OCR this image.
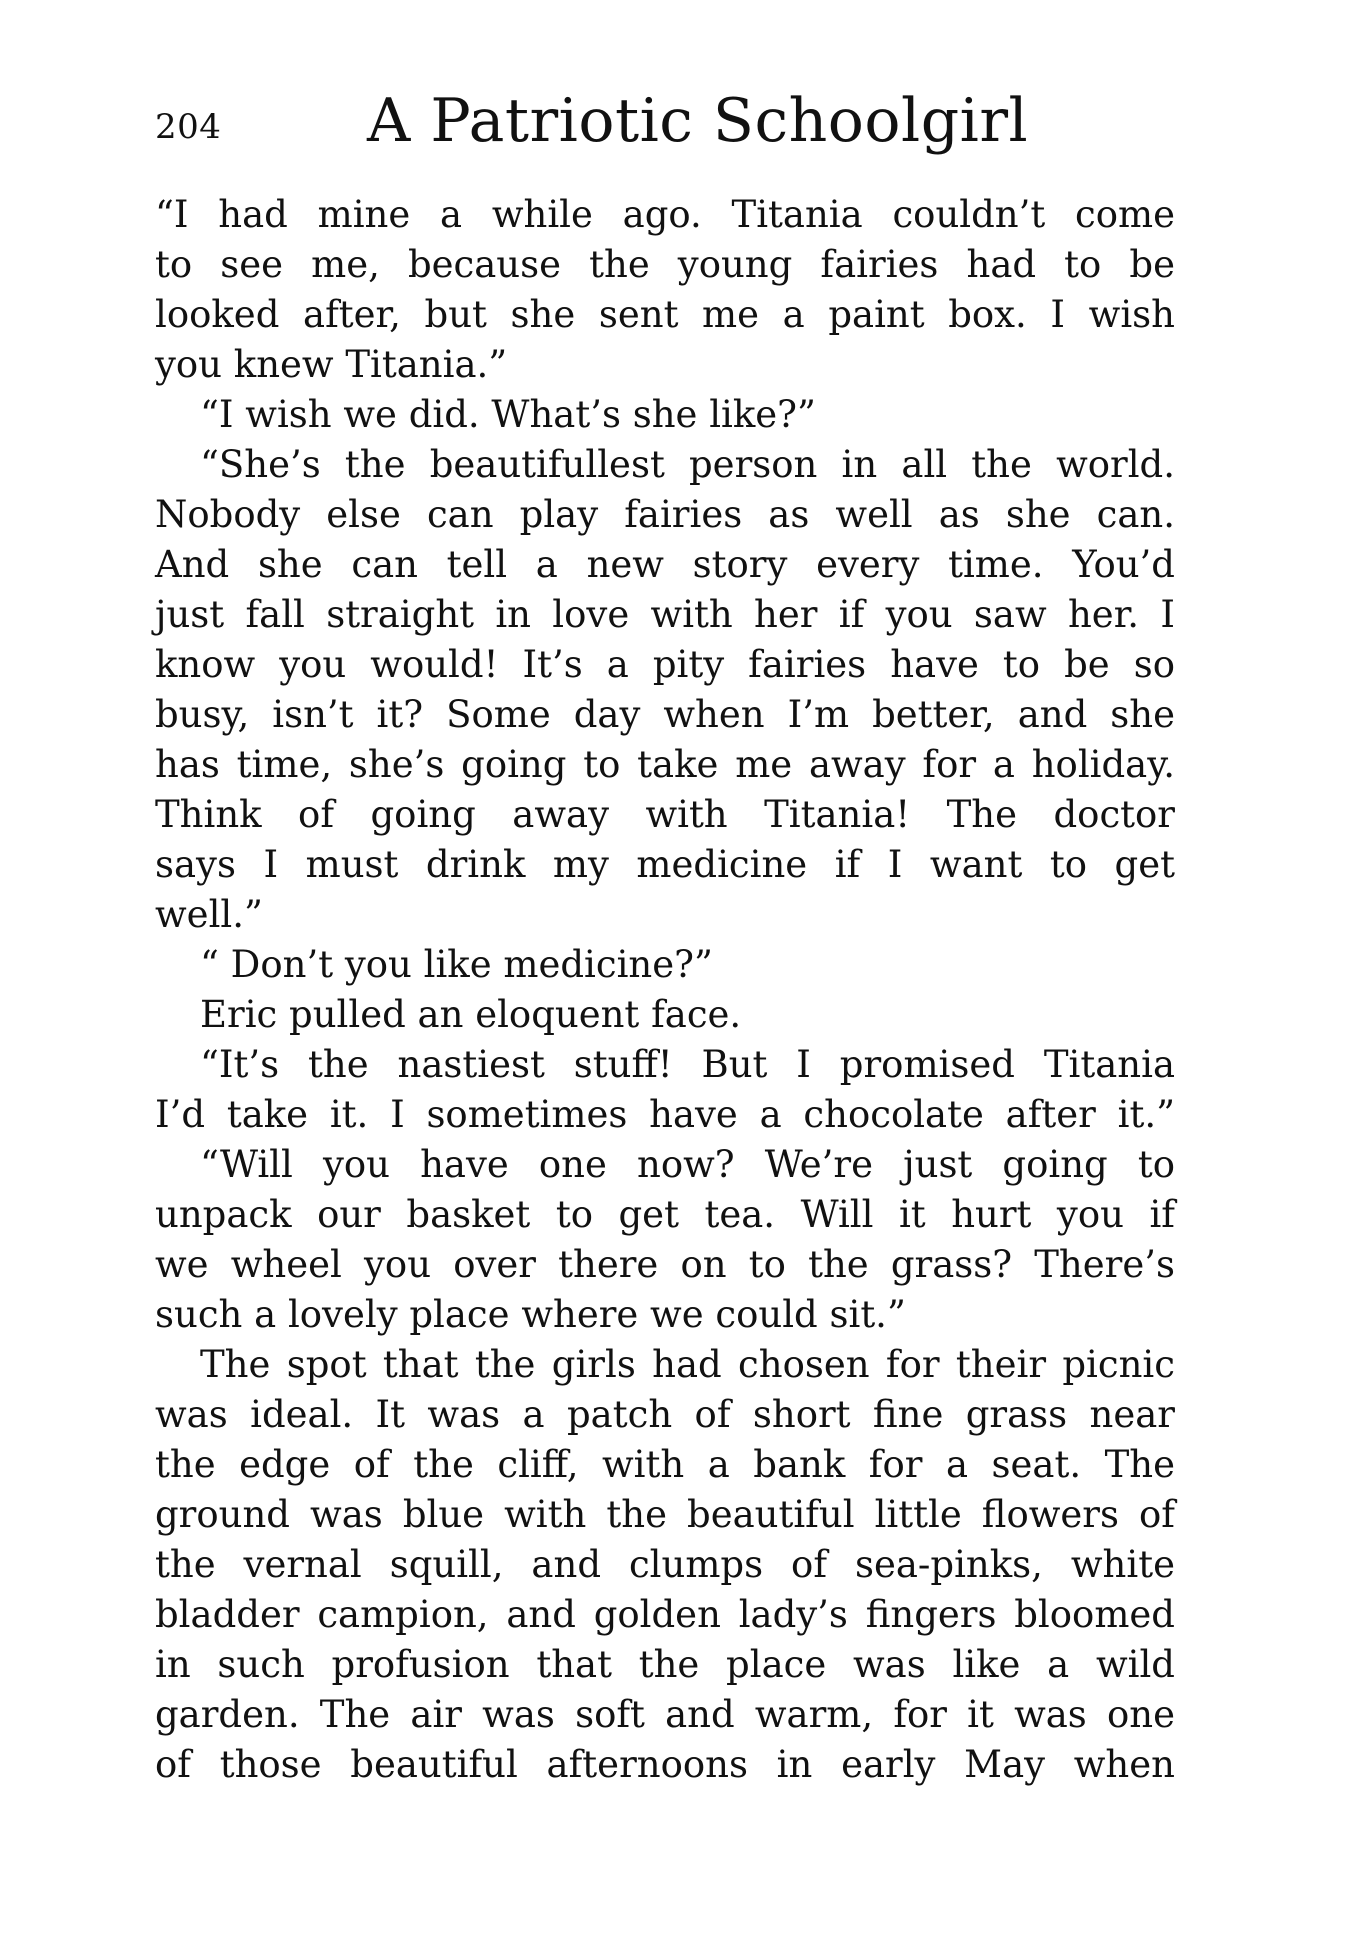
204 A Patriotic Schoolgirl
“I had mine a while ago. Titania couldn’t come
to see me, because the young fairies had to be
looked after, but she sent me a paint box. I wish
you knew Titania.”
“I wish we did. What’s she like?”
“She’s the beautifullest person in all the world.
Nobody else can play fairies as well as she can.
And she can tell a new story every time. You’d
just fall straight in love with her if you saw her. I
know you would! It’s a pity fairies have to be so
busy, isn’t it? Some day when I’m better, and she
has time, she’s going to take me away for a holiday.
Think of going away with Titania! The doctor
says I must drink my medicine if I want to get
well.”
“ Don’t you like medicine?”
Eric pulled an eloquent face.
“It’s the nastiest stuff! But I promised Titania
I’d take it. I sometimes have a chocolate after it.”
“Will you have one now? We’re just going to
unpack our basket to get tea. Will it hurt you if
we wheel you over there on to the grass? There’s
such a lovely place where we could sit.”
The spot that the girls had chosen for their picnic
was ideal. It was a patch of short fine grass near
the edge of the cliff, with a bank for a seat. The
ground was blue with the beautiful little flowers of
the vernal squill, and clumps of sea-pinks, white
bladder campion, and golden lady’s fingers bloomed
in such profusion that the place was like a wild
garden. The air was soft and warm, for it was one
of those beautiful afternoons in early May when
